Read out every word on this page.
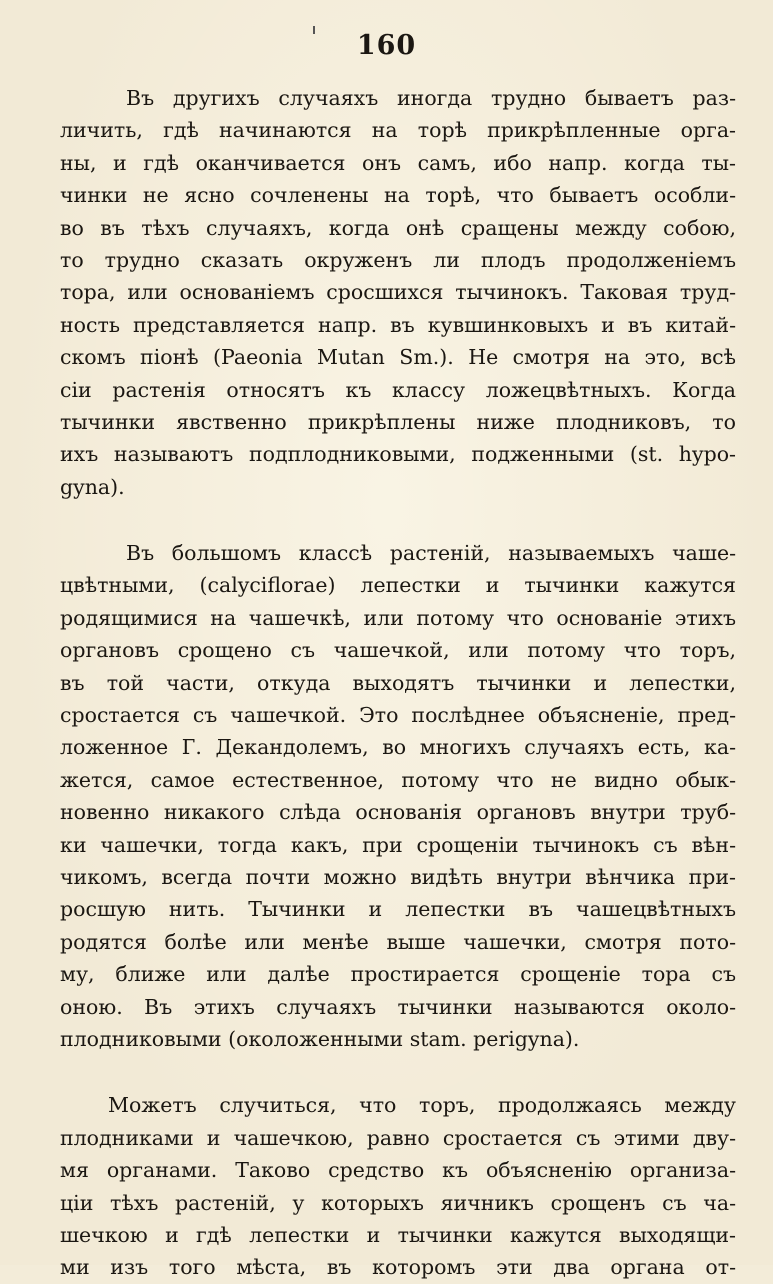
160
Въ другихъ случаяхъ иногда трудно бываетъ раз-
личить, гдѣ начинаются на торѣ прикрѣпленные орга-
ны, и гдѣ оканчивается онъ самъ, ибо напр. когда ты-
чинки не ясно сочленены на торѣ, что бываетъ особли-
во въ тѣхъ случаяхъ, когда онѣ сращены между собою,
то трудно сказать окруженъ ли плодъ продолженіемъ
тора, или основаніемъ сросшихся тычинокъ. Таковая труд-
ность представляется напр. въ кувшинковыхъ и въ китай-
скомъ піонѣ (Paeonia Mutan Sm.). Не смотря на это, всѣ
сіи растенія относятъ къ классу ложецвѣтныхъ. Когда
тычинки явственно прикрѣплены ниже плодниковъ, то
ихъ называютъ подплодниковыми, подженными (st. hypo-
gyna).
Въ большомъ классѣ растеній, называемыхъ чаше-
цвѣтными, (calyciflorae) лепестки и тычинки кажутся
родящимися на чашечкѣ, или потому что основаніе этихъ
органовъ срощено съ чашечкой, или потому что торъ,
въ той части, откуда выходятъ тычинки и лепестки,
сростается съ чашечкой. Это послѣднее объясненіе, пред-
ложенное Г. Декандолемъ, во многихъ случаяхъ есть, ка-
жется, самое естественное, потому что не видно обык-
новенно никакого слѣда основанія органовъ внутри труб-
ки чашечки, тогда какъ, при срощеніи тычинокъ съ вѣн-
чикомъ, всегда почти можно видѣть внутри вѣнчика при-
росшую нить. Тычинки и лепестки въ чашецвѣтныхъ
родятся болѣе или менѣе выше чашечки, смотря пото-
му, ближе или далѣе простирается срощеніе тора съ
оною. Въ этихъ случаяхъ тычинки называются около-
плодниковыми (околоженными stam. perigyna).
Можетъ случиться, что торъ, продолжаясь между
плодниками и чашечкою, равно сростается съ этими дву-
мя органами. Таково средство къ объясненію организа-
ціи тѣхъ растеній, у которыхъ яичникъ срощенъ съ ча-
шечкою и гдѣ лепестки и тычинки кажутся выходящи-
ми изъ того мѣста, въ которомъ эти два органа от-
